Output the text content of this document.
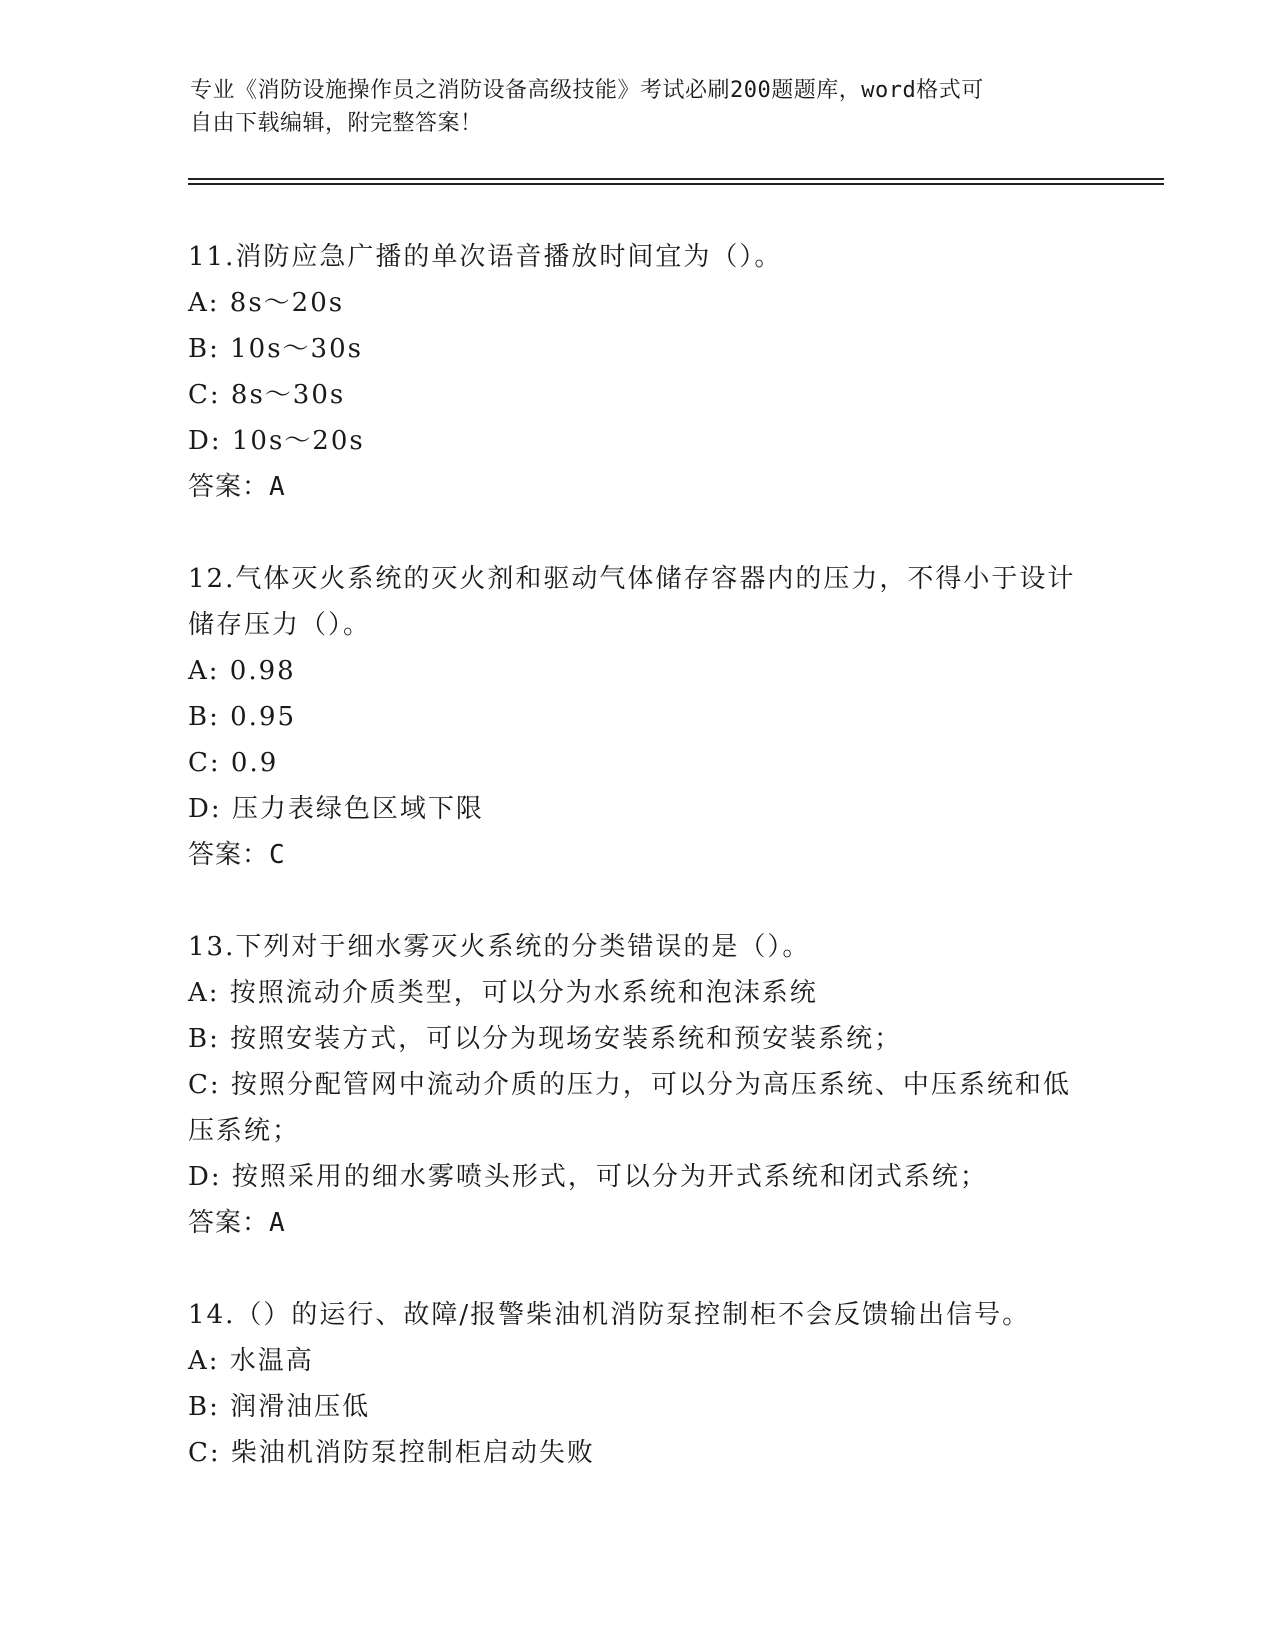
专业《消防设施操作员之消防设备高级技能》考试必刷200题题库，word格式可
自由下载编辑，附完整答案！
11.消防应急广播的单次语音播放时间宜为（）。
A: 8s～20s
B: 10s～30s
C: 8s～30s
D: 10s～20s
答案：A
12.气体灭火系统的灭火剂和驱动气体储存容器内的压力，不得小于设计储存压力（）。
A: 0.98
B: 0.95
C: 0.9
D: 压力表绿色区域下限
答案：C
13.下列对于细水雾灭火系统的分类错误的是（）。
A: 按照流动介质类型，可以分为水系统和泡沫系统
B: 按照安装方式，可以分为现场安装系统和预安装系统；
C: 按照分配管网中流动介质的压力，可以分为高压系统、中压系统和低压系统；
D: 按照采用的细水雾喷头形式，可以分为开式系统和闭式系统；
答案：A
14.（）的运行、故障/报警柴油机消防泵控制柜不会反馈输出信号。
A: 水温高
B: 润滑油压低
C: 柴油机消防泵控制柜启动失败
